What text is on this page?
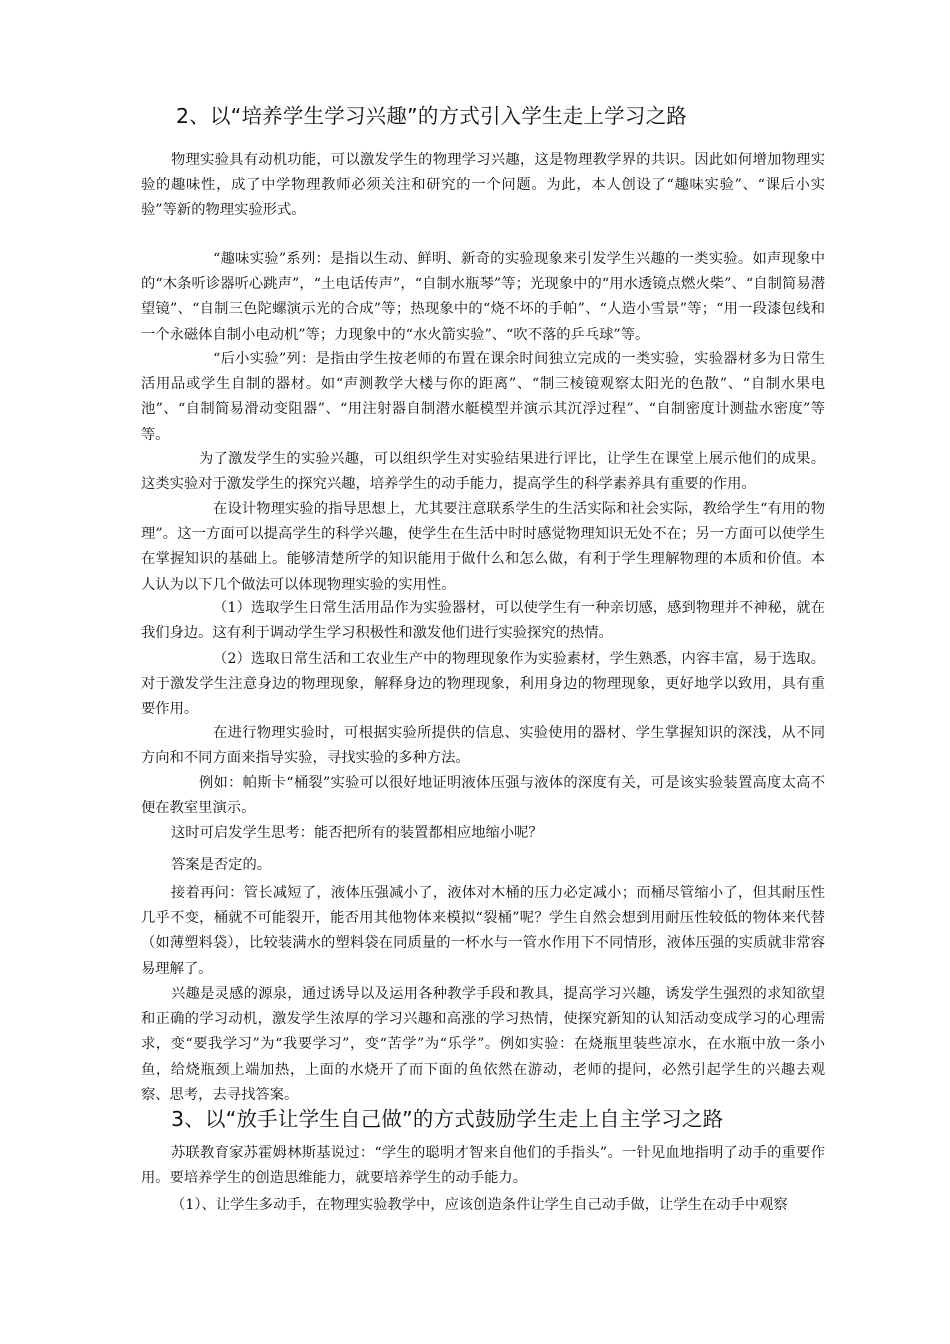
2、以“培养学生学习兴趣”的方式引入学生走上学习之路

物理实验具有动机功能，可以激发学生的物理学习兴趣，这是物理教学界的共识。因此如何增加物理实验的趣味性，成了中学物理教师必须关注和研究的一个问题。为此，本人创设了“趣味实验”、“课后小实验”等新的物理实验形式。

“趣味实验”系列：是指以生动、鲜明、新奇的实验现象来引发学生兴趣的一类实验。如声现象中的“木条听诊器听心跳声”，“土电话传声”，“自制水瓶琴”等；光现象中的“用水透镜点燃火柴”、“自制简易潜望镜”、“自制三色陀螺演示光的合成”等；热现象中的“烧不坏的手帕”、“人造小雪景”等；“用一段漆包线和一个永磁体自制小电动机”等；力现象中的“水火箭实验”、“吹不落的乒乓球”等。

“后小实验”列：是指由学生按老师的布置在课余时间独立完成的一类实验，实验器材多为日常生活用品或学生自制的器材。如“声测教学大楼与你的距离”、“制三棱镜观察太阳光的色散”、“自制水果电池”、“自制简易滑动变阻器”、“用注射器自制潜水艇模型并演示其沉浮过程”、“自制密度计测盐水密度”等等。

为了激发学生的实验兴趣，可以组织学生对实验结果进行评比，让学生在课堂上展示他们的成果。这类实验对于激发学生的探究兴趣，培养学生的动手能力，提高学生的科学素养具有重要的作用。

在设计物理实验的指导思想上，尤其要注意联系学生的生活实际和社会实际，教给学生“有用的物理”。这一方面可以提高学生的科学兴趣，使学生在生活中时时感觉物理知识无处不在；另一方面可以使学生在掌握知识的基础上。能够清楚所学的知识能用于做什么和怎么做，有利于学生理解物理的本质和价值。本人认为以下几个做法可以体现物理实验的实用性。

（1）选取学生日常生活用品作为实验器材，可以使学生有一种亲切感，感到物理并不神秘，就在我们身边。这有利于调动学生学习积极性和激发他们进行实验探究的热情。

（2）选取日常生活和工农业生产中的物理现象作为实验素材，学生熟悉，内容丰富，易于选取。对于激发学生注意身边的物理现象，解释身边的物理现象，利用身边的物理现象，更好地学以致用，具有重要作用。

在进行物理实验时，可根据实验所提供的信息、实验使用的器材、学生掌握知识的深浅，从不同方向和不同方面来指导实验，寻找实验的多种方法。

例如：帕斯卡“桶裂”实验可以很好地证明液体压强与液体的深度有关，可是该实验装置高度太高不便在教室里演示。

这时可启发学生思考：能否把所有的装置都相应地缩小呢？

答案是否定的。

接着再问：管长减短了，液体压强减小了，液体对木桶的压力必定减小；而桶尽管缩小了，但其耐压性几乎不变，桶就不可能裂开，能否用其他物体来模拟“裂桶”呢？学生自然会想到用耐压性较低的物体来代替（如薄塑料袋），比较装满水的塑料袋在同质量的一杯水与一管水作用下不同情形，液体压强的实质就非常容易理解了。

兴趣是灵感的源泉，通过诱导以及运用各种教学手段和教具，提高学习兴趣，诱发学生强烈的求知欲望和正确的学习动机，激发学生浓厚的学习兴趣和高涨的学习热情，使探究新知的认知活动变成学习的心理需求，变“要我学习”为“我要学习”，变“苦学”为“乐学”。例如实验：在烧瓶里装些凉水，在水瓶中放一条小鱼，给烧瓶颈上端加热，上面的水烧开了而下面的鱼依然在游动，老师的提问，必然引起学生的兴趣去观察、思考，去寻找答案。

3、以“放手让学生自己做”的方式鼓励学生走上自主学习之路

苏联教育家苏霍姆林斯基说过：“学生的聪明才智来自他们的手指头”。一针见血地指明了动手的重要作用。要培养学生的创造思维能力，就要培养学生的动手能力。

（1）、让学生多动手，在物理实验教学中，应该创造条件让学生自己动手做，让学生在动手中观察
